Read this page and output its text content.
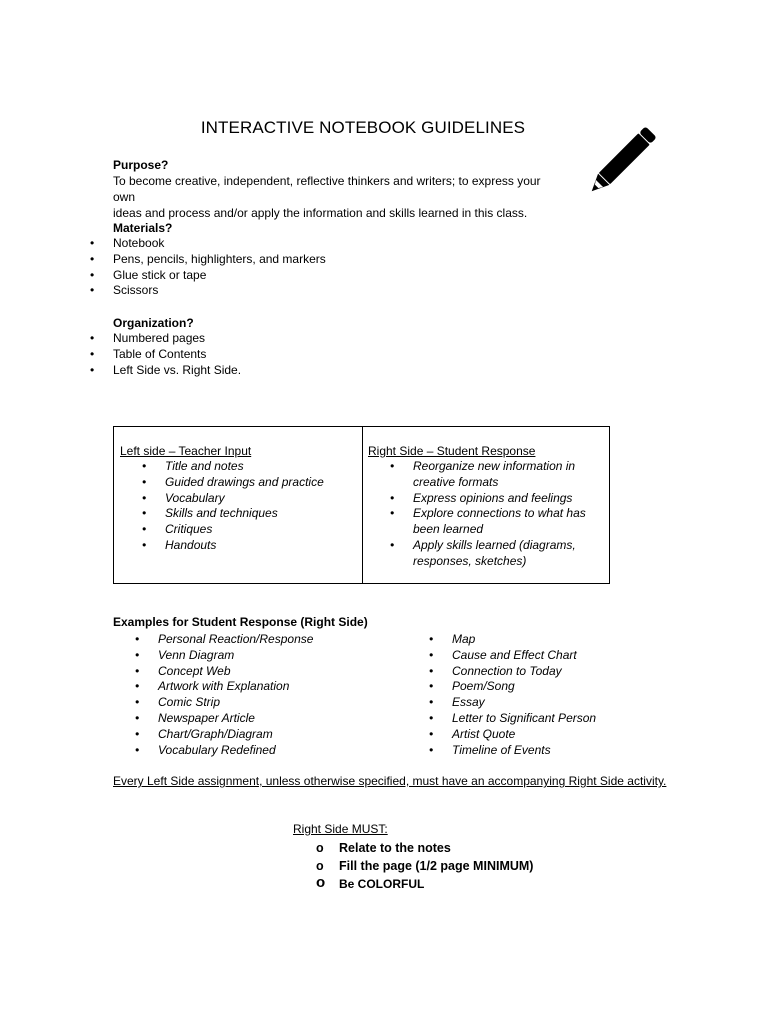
INTERACTIVE NOTEBOOK GUIDELINES
Purpose?
To become creative, independent, reflective thinkers and writers; to express your own
ideas and process and/or apply the information and skills learned in this class.
Materials?
• Notebook
• Pens, pencils, highlighters, and markers
• Glue stick or tape
• Scissors
Organization?
• Numbered pages
• Table of Contents
• Left Side vs. Right Side.
Left side – Teacher Input
• Title and notes
• Guided drawings and practice
• Vocabulary
• Skills and techniques
• Critiques
• Handouts
Right Side – Student Response
• Reorganize new information in
creative formats
• Express opinions and feelings
• Explore connections to what has
been learned
• Apply skills learned (diagrams,
responses, sketches)
Examples for Student Response (Right Side)
• Personal Reaction/Response
• Venn Diagram
• Concept Web
• Artwork with Explanation
• Comic Strip
• Newspaper Article
• Chart/Graph/Diagram
• Vocabulary Redefined
• Map
• Cause and Effect Chart
• Connection to Today
• Poem/Song
• Essay
• Letter to Significant Person
• Artist Quote
• Timeline of Events
Every Left Side assignment, unless otherwise specified, must have an accompanying Right Side activity.
Right Side MUST:
o Relate to the notes
o Fill the page (1/2 page MINIMUM)
o Be COLORFUL
